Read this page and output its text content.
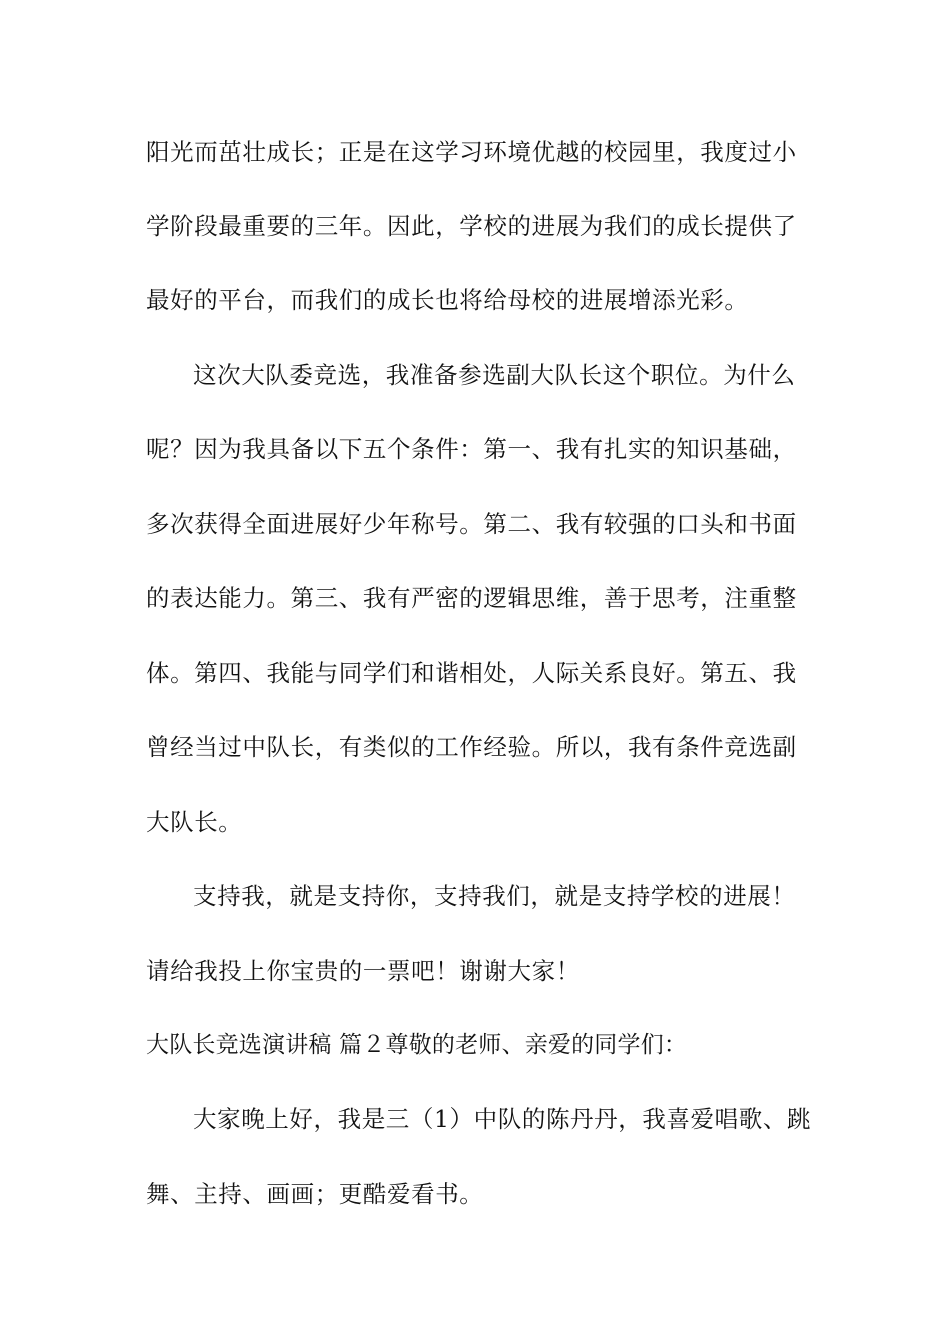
阳光而茁壮成长；正是在这学习环境优越的校园里，我度过小
学阶段最重要的三年。因此，学校的进展为我们的成长提供了
最好的平台，而我们的成长也将给母校的进展增添光彩。
这次大队委竞选，我准备参选副大队长这个职位。为什么
呢？因为我具备以下五个条件：第一、我有扎实的知识基础，
多次获得全面进展好少年称号。第二、我有较强的口头和书面
的表达能力。第三、我有严密的逻辑思维，善于思考，注重整
体。第四、我能与同学们和谐相处，人际关系良好。第五、我
曾经当过中队长，有类似的工作经验。所以，我有条件竞选副
大队长。
支持我，就是支持你，支持我们，就是支持学校的进展！
请给我投上你宝贵的一票吧！谢谢大家！
大队长竞选演讲稿 篇２尊敬的老师、亲爱的同学们：
大家晚上好，我是三（1）中队的陈丹丹，我喜爱唱歌、跳
舞、主持、画画；更酷爱看书。
